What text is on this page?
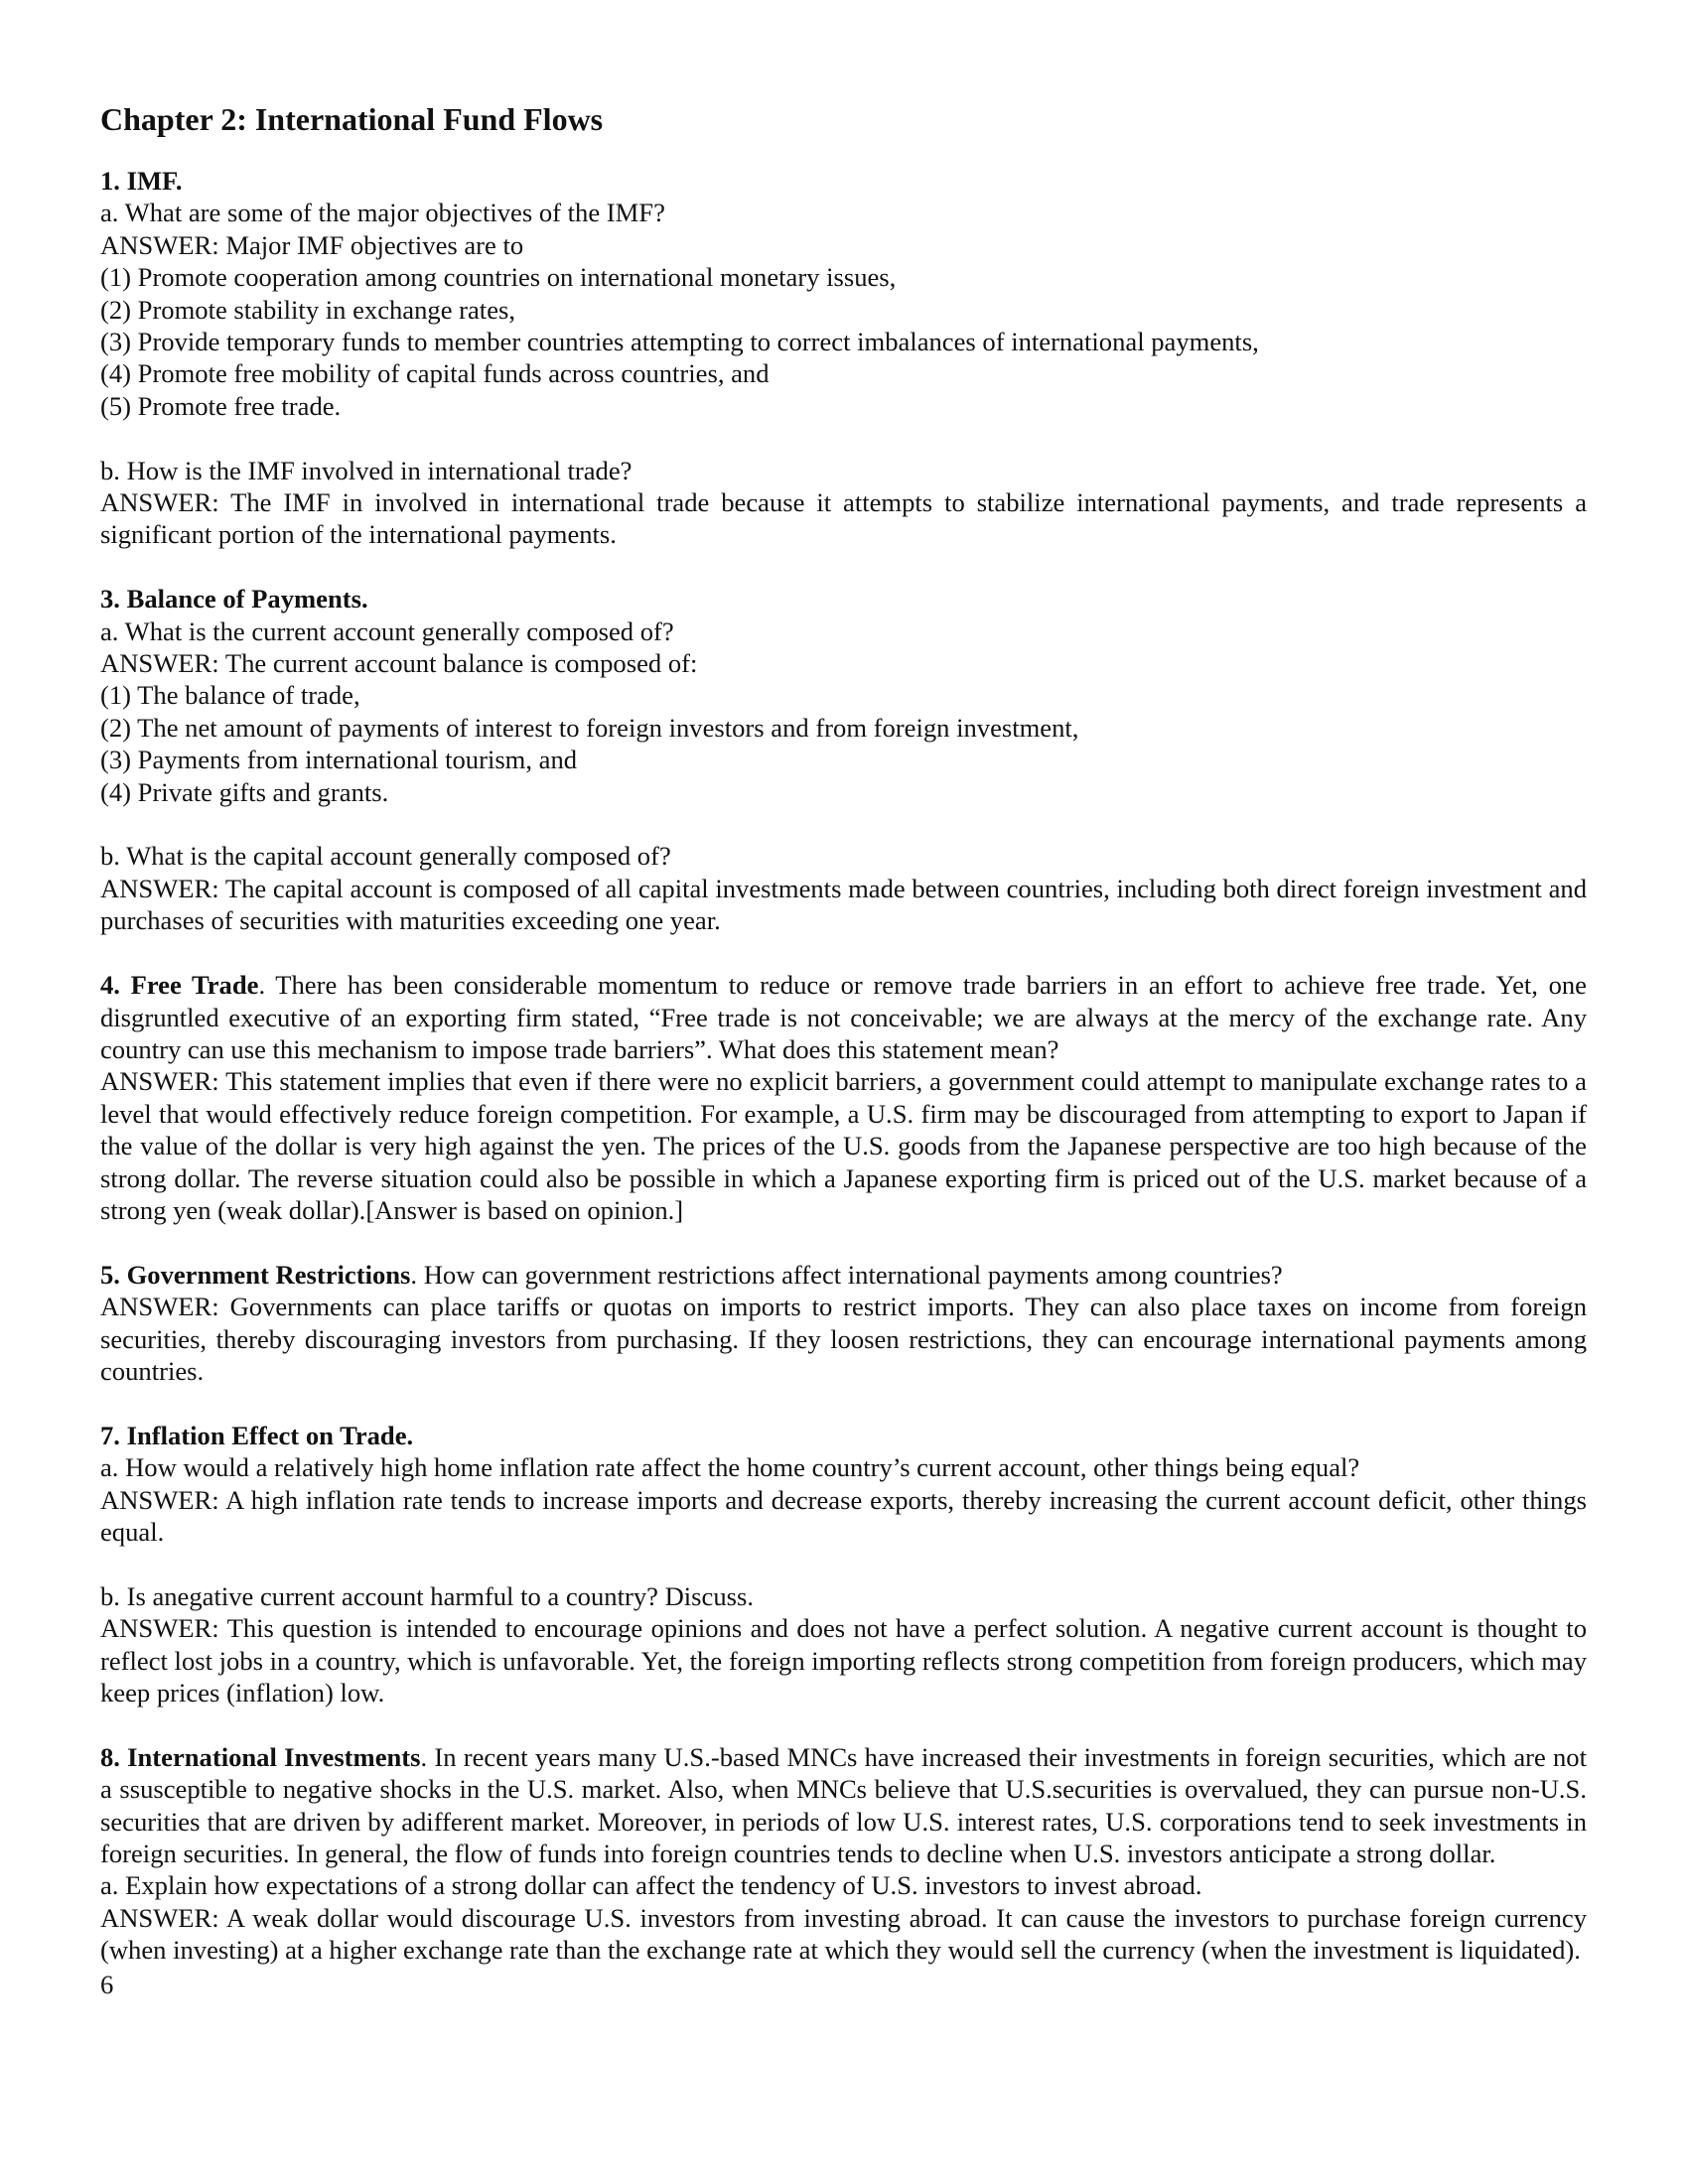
Chapter 2: International Fund Flows

1. IMF.

a. What are some of the major objectives of the IMF?

ANSWER: Major IMF objectives are to

(1) Promote cooperation among countries on international monetary issues,

(2) Promote stability in exchange rates,

(3) Provide temporary funds to member countries attempting to correct imbalances of international payments,

(4) Promote free mobility of capital funds across countries, and

(5) Promote free trade.

b. How is the IMF involved in international trade?

ANSWER: The IMF in involved in international trade because it attempts to stabilize international payments, and trade represents a significant portion of the international payments.

3. Balance of Payments.

a. What is the current account generally composed of?

ANSWER: The current account balance is composed of:

(1) The balance of trade,

(2) The net amount of payments of interest to foreign investors and from foreign investment,

(3) Payments from international tourism, and

(4) Private gifts and grants.

b. What is the capital account generally composed of?

ANSWER: The capital account is composed of all capital investments made between countries, including both direct foreign investment and purchases of securities with maturities exceeding one year.

4. Free Trade. There has been considerable momentum to reduce or remove trade barriers in an effort to achieve free trade. Yet, one disgruntled executive of an exporting firm stated, “Free trade is not conceivable; we are always at the mercy of the exchange rate. Any country can use this mechanism to impose trade barriers”. What does this statement mean?

ANSWER: This statement implies that even if there were no explicit barriers, a government could attempt to manipulate exchange rates to a level that would effectively reduce foreign competition. For example, a U.S. firm may be discouraged from attempting to export to Japan if the value of the dollar is very high against the yen. The prices of the U.S. goods from the Japanese perspective are too high because of the strong dollar. The reverse situation could also be possible in which a Japanese exporting firm is priced out of the U.S. market because of a strong yen (weak dollar).[Answer is based on opinion.]

5. Government Restrictions. How can government restrictions affect international payments among countries?

ANSWER: Governments can place tariffs or quotas on imports to restrict imports. They can also place taxes on income from foreign securities, thereby discouraging investors from purchasing. If they loosen restrictions, they can encourage international payments among countries.

7. Inflation Effect on Trade.

a. How would a relatively high home inflation rate affect the home country’s current account, other things being equal?

ANSWER: A high inflation rate tends to increase imports and decrease exports, thereby increasing the current account deficit, other things equal.

b. Is anegative current account harmful to a country? Discuss.

ANSWER: This question is intended to encourage opinions and does not have a perfect solution. A negative current account is thought to reflect lost jobs in a country, which is unfavorable. Yet, the foreign importing reflects strong competition from foreign producers, which may keep prices (inflation) low.

8. International Investments. In recent years many U.S.-based MNCs have increased their investments in foreign securities, which are not a ssusceptible to negative shocks in the U.S. market. Also, when MNCs believe that U.S.securities is overvalued, they can pursue non-U.S. securities that are driven by adifferent market. Moreover, in periods of low U.S. interest rates, U.S. corporations tend to seek investments in foreign securities. In general, the flow of funds into foreign countries tends to decline when U.S. investors anticipate a strong dollar.

a. Explain how expectations of a strong dollar can affect the tendency of U.S. investors to invest abroad.

ANSWER: A weak dollar would discourage U.S. investors from investing abroad. It can cause the investors to purchase foreign currency (when investing) at a higher exchange rate than the exchange rate at which they would sell the currency (when the investment is liquidated).

6
